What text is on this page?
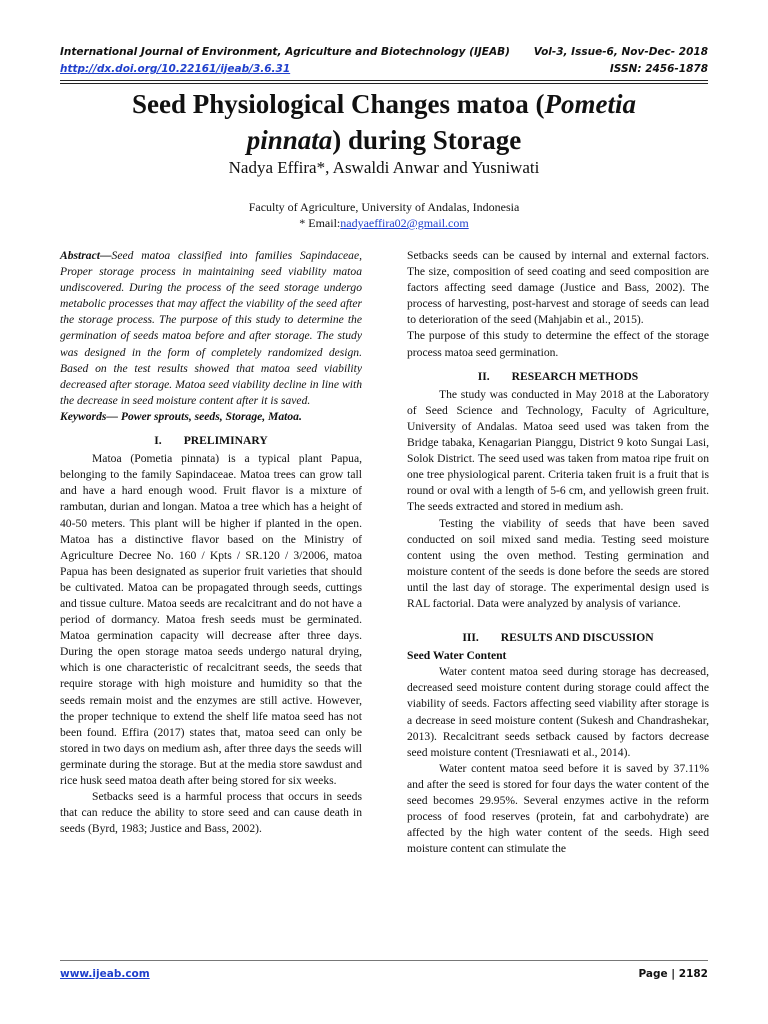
International Journal of Environment, Agriculture and Biotechnology (IJEAB) Vol-3, Issue-6, Nov-Dec- 2018
http://dx.doi.org/10.22161/ijeab/3.6.31	ISSN: 2456-1878
Seed Physiological Changes matoa (Pometia
pinnata) during Storage
Nadya Effira*, Aswaldi Anwar and Yusniwati
Faculty of Agriculture, University of Andalas, Indonesia
* Email:nadyaeffira02@gmail.com

Abstract—Seed matoa classified into families Sapindaceae, Proper storage process in maintaining seed viability matoa undiscovered. During the process of the seed storage undergo metabolic processes that may affect the viability of the seed after the storage process. The purpose of this study to determine the germination of seeds matoa before and after storage. The study was designed in the form of completely randomized design. Based on the test results showed that matoa seed viability decreased after storage. Matoa seed viability decline in line with the decrease in seed moisture content after it is saved.

Keywords— Power sprouts, seeds, Storage, Matoa.

I. PRELIMINARY

Matoa (Pometia pinnata) is a typical plant Papua, belonging to the family Sapindaceae. Matoa trees can grow tall and have a hard enough wood. Fruit flavor is a mixture of rambutan, durian and longan. Matoa a tree which has a height of 40-50 meters. This plant will be higher if planted in the open. Matoa has a distinctive flavor based on the Ministry of Agriculture Decree No. 160 / Kpts / SR.120 / 3/2006, matoa Papua has been designated as superior fruit varieties that should be cultivated. Matoa can be propagated through seeds, cuttings and tissue culture. Matoa seeds are recalcitrant and do not have a period of dormancy. Matoa fresh seeds must be germinated. Matoa germination capacity will decrease after three days. During the open storage matoa seeds undergo natural drying, which is one characteristic of recalcitrant seeds, the seeds that require storage with high moisture and humidity so that the seeds remain moist and the enzymes are still active. However, the proper technique to extend the shelf life matoa seed has not been found. Effira (2017) states that, matoa seed can only be stored in two days on medium ash, after three days the seeds will germinate during the storage. But at the media store sawdust and rice husk seed matoa death after being stored for six weeks.

Setbacks seed is a harmful process that occurs in seeds that can reduce the ability to store seed and can cause death in seeds (Byrd, 1983; Justice and Bass, 2002).

Setbacks seeds can be caused by internal and external factors. The size, composition of seed coating and seed composition are factors affecting seed damage (Justice and Bass, 2002). The process of harvesting, post-harvest and storage of seeds can lead to deterioration of the seed (Mahjabin et al., 2015).

The purpose of this study to determine the effect of the storage process matoa seed germination.

II. RESEARCH METHODS

The study was conducted in May 2018 at the Laboratory of Seed Science and Technology, Faculty of Agriculture, University of Andalas. Matoa seed used was taken from the Bridge tabaka, Kenagarian Pianggu, District 9 koto Sungai Lasi, Solok District. The seed used was taken from matoa ripe fruit on one tree physiological parent. Criteria taken fruit is a fruit that is round or oval with a length of 5-6 cm, and yellowish green fruit. The seeds extracted and stored in medium ash.

Testing the viability of seeds that have been saved conducted on soil mixed sand media. Testing seed moisture content using the oven method. Testing germination and moisture content of the seeds is done before the seeds are stored until the last day of storage. The experimental design used is RAL factorial. Data were analyzed by analysis of variance.

III. RESULTS AND DISCUSSION

Seed Water Content

Water content matoa seed during storage has decreased, decreased seed moisture content during storage could affect the viability of seeds. Factors affecting seed viability after storage is a decrease in seed moisture content (Sukesh and Chandrashekar, 2013). Recalcitrant seeds setback caused by factors decrease seed moisture content (Tresniawati et al., 2014).

Water content matoa seed before it is saved by 37.11% and after the seed is stored for four days the water content of the seed becomes 29.95%. Several enzymes active in the reform process of food reserves (protein, fat and carbohydrate) are affected by the high water content of the seeds. High seed moisture content can stimulate the

www.ijeab.com	Page | 2182
